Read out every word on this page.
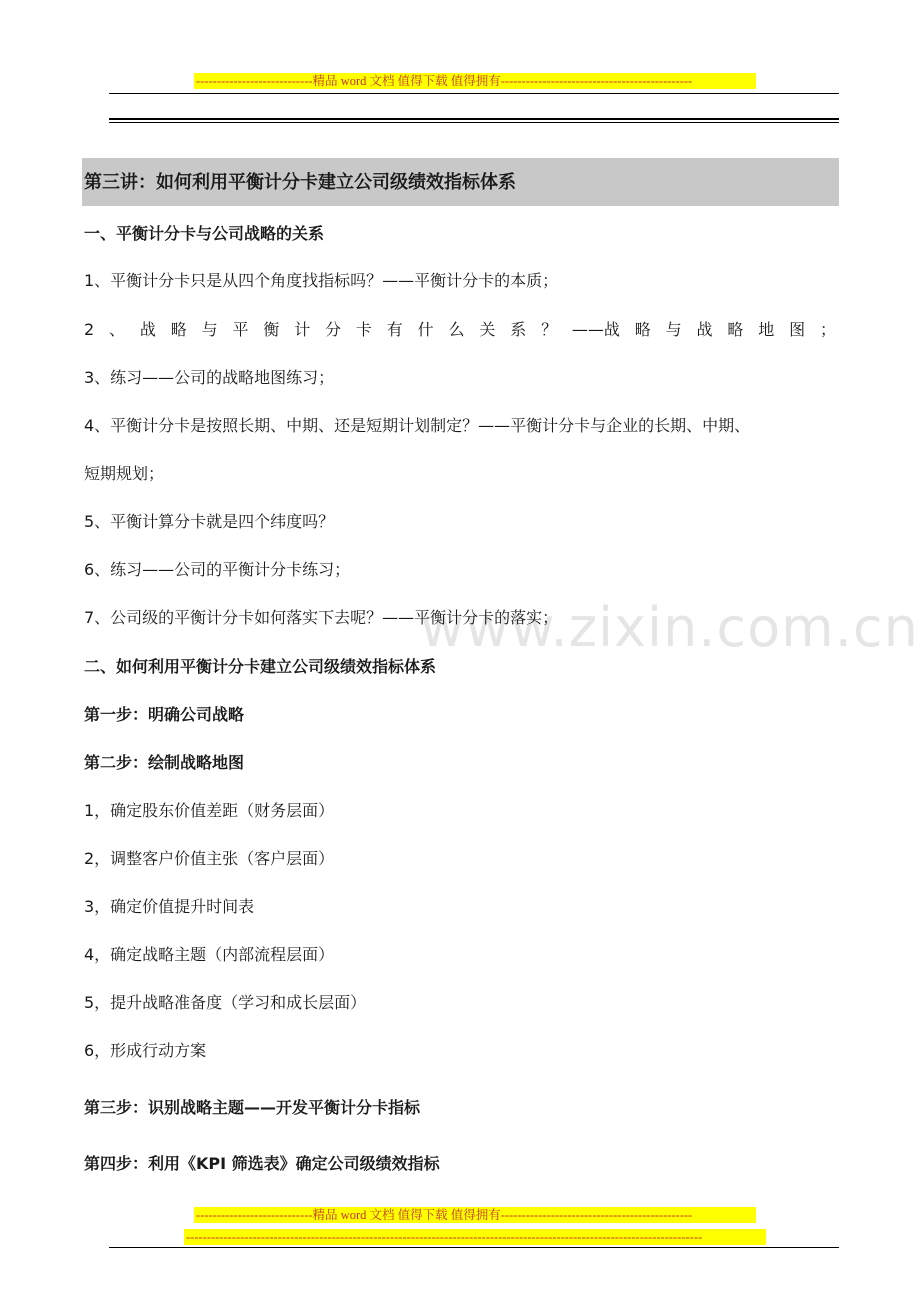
----------------------------精品 word 文档 值得下载 值得拥有----------------------------------------------
第三讲：如何利用平衡计分卡建立公司级绩效指标体系
一、平衡计分卡与公司战略的关系
1、平衡计分卡只是从四个角度找指标吗？——平衡计分卡的本质；
2 、 战 略 与 平 衡 计 分 卡 有 什 么 关 系 ？ ——战 略 与 战 略 地 图 ；
3、练习——公司的战略地图练习；
4、平衡计分卡是按照长期、中期、还是短期计划制定？——平衡计分卡与企业的长期、中期、
短期规划；
5、平衡计算分卡就是四个纬度吗？
6、练习——公司的平衡计分卡练习；
7、公司级的平衡计分卡如何落实下去呢？——平衡计分卡的落实；
www.zixin.com.cn
二、如何利用平衡计分卡建立公司级绩效指标体系
第一步：明确公司战略
第二步：绘制战略地图
1，确定股东价值差距（财务层面）
2，调整客户价值主张（客户层面）
3，确定价值提升时间表
4，确定战略主题（内部流程层面）
5，提升战略准备度（学习和成长层面）
6，形成行动方案
第三步：识别战略主题——开发平衡计分卡指标
第四步：利用《KPI 筛选表》确定公司级绩效指标
----------------------------精品 word 文档 值得下载 值得拥有----------------------------------------------
----------------------------------------------------------------------------------------------------------------------------
